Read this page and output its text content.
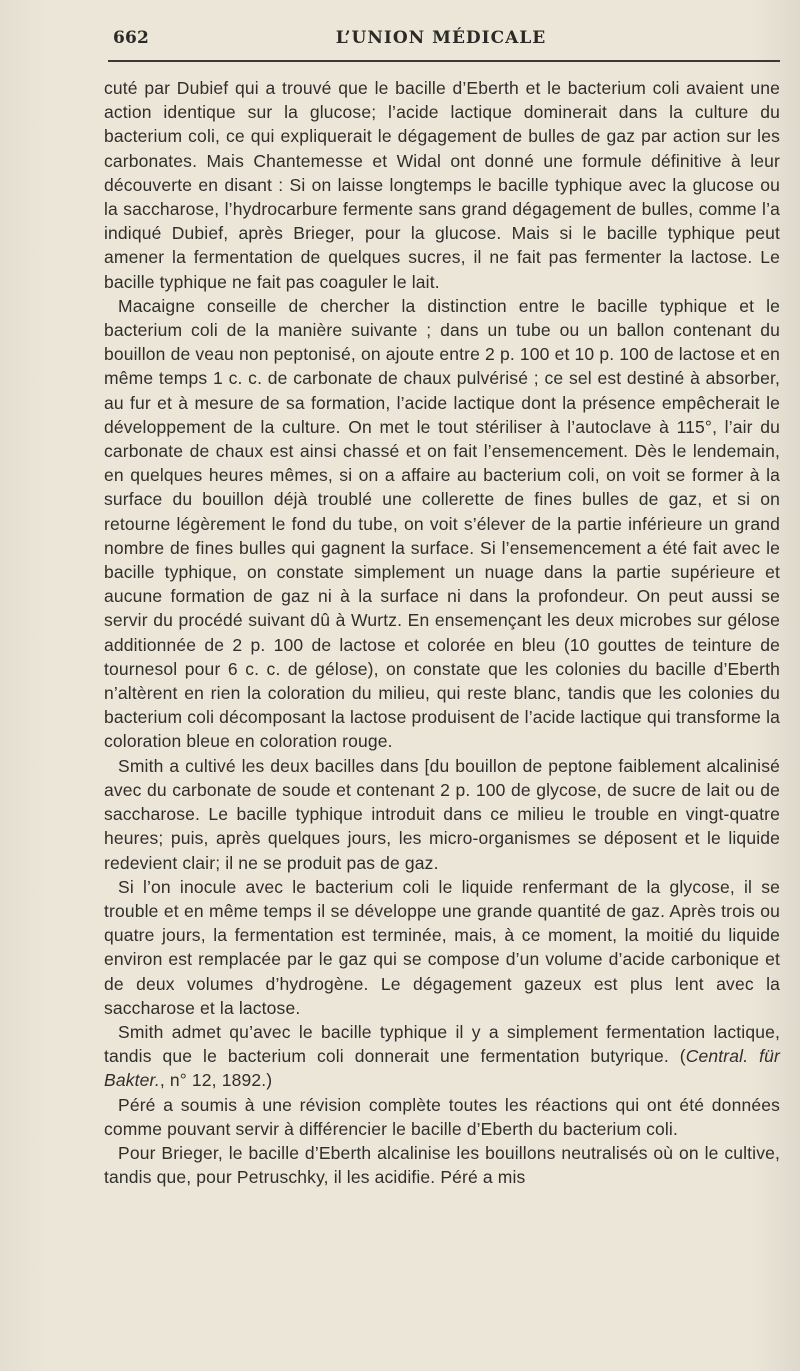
662	L’UNION MÉDICALE

cuté par Dubief qui a trouvé que le bacille d’Eberth et le bacterium coli avaient une action identique sur la glucose; l’acide lactique dominerait dans la culture du bacterium coli, ce qui expliquerait le dégagement de bulles de gaz par action sur les carbonates. Mais Chantemesse et Widal ont donné une formule définitive à leur découverte en disant : Si on laisse longtemps le bacille typhique avec la glucose ou la saccharose, l’hydrocarbure fermente sans grand dégagement de bulles, comme l’a indiqué Dubief, après Brieger, pour la glucose. Mais si le bacille typhique peut amener la fermentation de quelques sucres, il ne fait pas fermenter la lactose. Le bacille typhique ne fait pas coaguler le lait.

Macaigne conseille de chercher la distinction entre le bacille typhique et le bacterium coli de la manière suivante ; dans un tube ou un ballon contenant du bouillon de veau non peptonisé, on ajoute entre 2 p. 100 et 10 p. 100 de lactose et en même temps 1 c. c. de carbonate de chaux pulvérisé ; ce sel est destiné à absorber, au fur et à mesure de sa formation, l’acide lactique dont la présence empêcherait le développement de la culture. On met le tout stériliser à l’autoclave à 115°, l’air du carbonate de chaux est ainsi chassé et on fait l’ensemencement. Dès le lendemain, en quelques heures mêmes, si on a affaire au bacterium coli, on voit se former à la surface du bouillon déjà troublé une collerette de fines bulles de gaz, et si on retourne légèrement le fond du tube, on voit s’élever de la partie inférieure un grand nombre de fines bulles qui gagnent la surface. Si l’ensemencement a été fait avec le bacille typhique, on constate simplement un nuage dans la partie supérieure et aucune formation de gaz ni à la surface ni dans la profondeur. On peut aussi se servir du procédé suivant dû à Wurtz. En ensemençant les deux microbes sur gélose additionnée de 2 p. 100 de lactose et colorée en bleu (10 gouttes de teinture de tournesol pour 6 c. c. de gélose), on constate que les colonies du bacille d’Eberth n’altèrent en rien la coloration du milieu, qui reste blanc, tandis que les colonies du bacterium coli décomposant la lactose produisent de l’acide lactique qui transforme la coloration bleue en coloration rouge.

Smith a cultivé les deux bacilles dans [du bouillon de peptone faiblement alcalinisé avec du carbonate de soude et contenant 2 p. 100 de glycose, de sucre de lait ou de saccharose. Le bacille typhique introduit dans ce milieu le trouble en vingt-quatre heures; puis, après quelques jours, les micro-organismes se déposent et le liquide redevient clair; il ne se produit pas de gaz.

Si l’on inocule avec le bacterium coli le liquide renfermant de la glycose, il se trouble et en même temps il se développe une grande quantité de gaz. Après trois ou quatre jours, la fermentation est terminée, mais, à ce moment, la moitié du liquide environ est remplacée par le gaz qui se compose d’un volume d’acide carbonique et de deux volumes d’hydrogène. Le dégagement gazeux est plus lent avec la saccharose et la lactose.

Smith admet qu’avec le bacille typhique il y a simplement fermentation lactique, tandis que le bacterium coli donnerait une fermentation butyrique. (Central. für Bakter., n° 12, 1892.)

Péré a soumis à une révision complète toutes les réactions qui ont été données comme pouvant servir à différencier le bacille d’Eberth du bacterium coli.

Pour Brieger, le bacille d’Eberth alcalinise les bouillons neutralisés où on le cultive, tandis que, pour Petruschky, il les acidifie. Péré a mis
